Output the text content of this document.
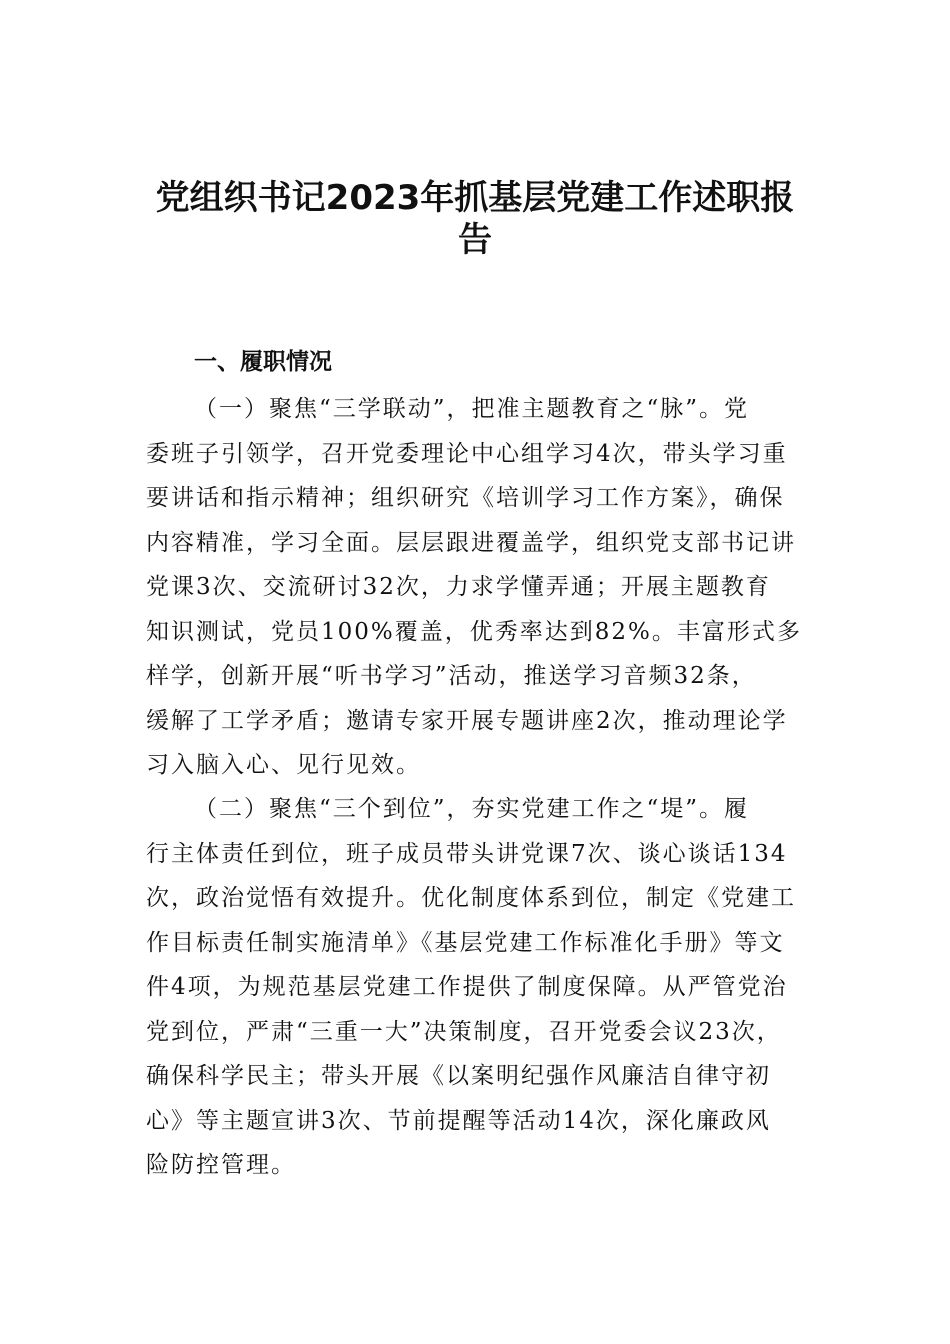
党组织书记2023年抓基层党建工作述职报
告
一、履职情况
（一）聚焦“三学联动”，把准主题教育之“脉”。党
委班子引领学，召开党委理论中心组学习4次，带头学习重
要讲话和指示精神；组织研究《培训学习工作方案》，确保
内容精准，学习全面。层层跟进覆盖学，组织党支部书记讲
党课3次、交流研讨32次，力求学懂弄通；开展主题教育
知识测试，党员100%覆盖，优秀率达到82%。丰富形式多
样学，创新开展“听书学习”活动，推送学习音频32条，
缓解了工学矛盾；邀请专家开展专题讲座2次，推动理论学
习入脑入心、见行见效。
（二）聚焦“三个到位”，夯实党建工作之“堤”。履
行主体责任到位，班子成员带头讲党课7次、谈心谈话134
次，政治觉悟有效提升。优化制度体系到位，制定《党建工
作目标责任制实施清单》《基层党建工作标准化手册》等文
件4项，为规范基层党建工作提供了制度保障。从严管党治
党到位，严肃“三重一大”决策制度，召开党委会议23次，
确保科学民主；带头开展《以案明纪强作风廉洁自律守初
心》等主题宣讲3次、节前提醒等活动14次，深化廉政风
险防控管理。
